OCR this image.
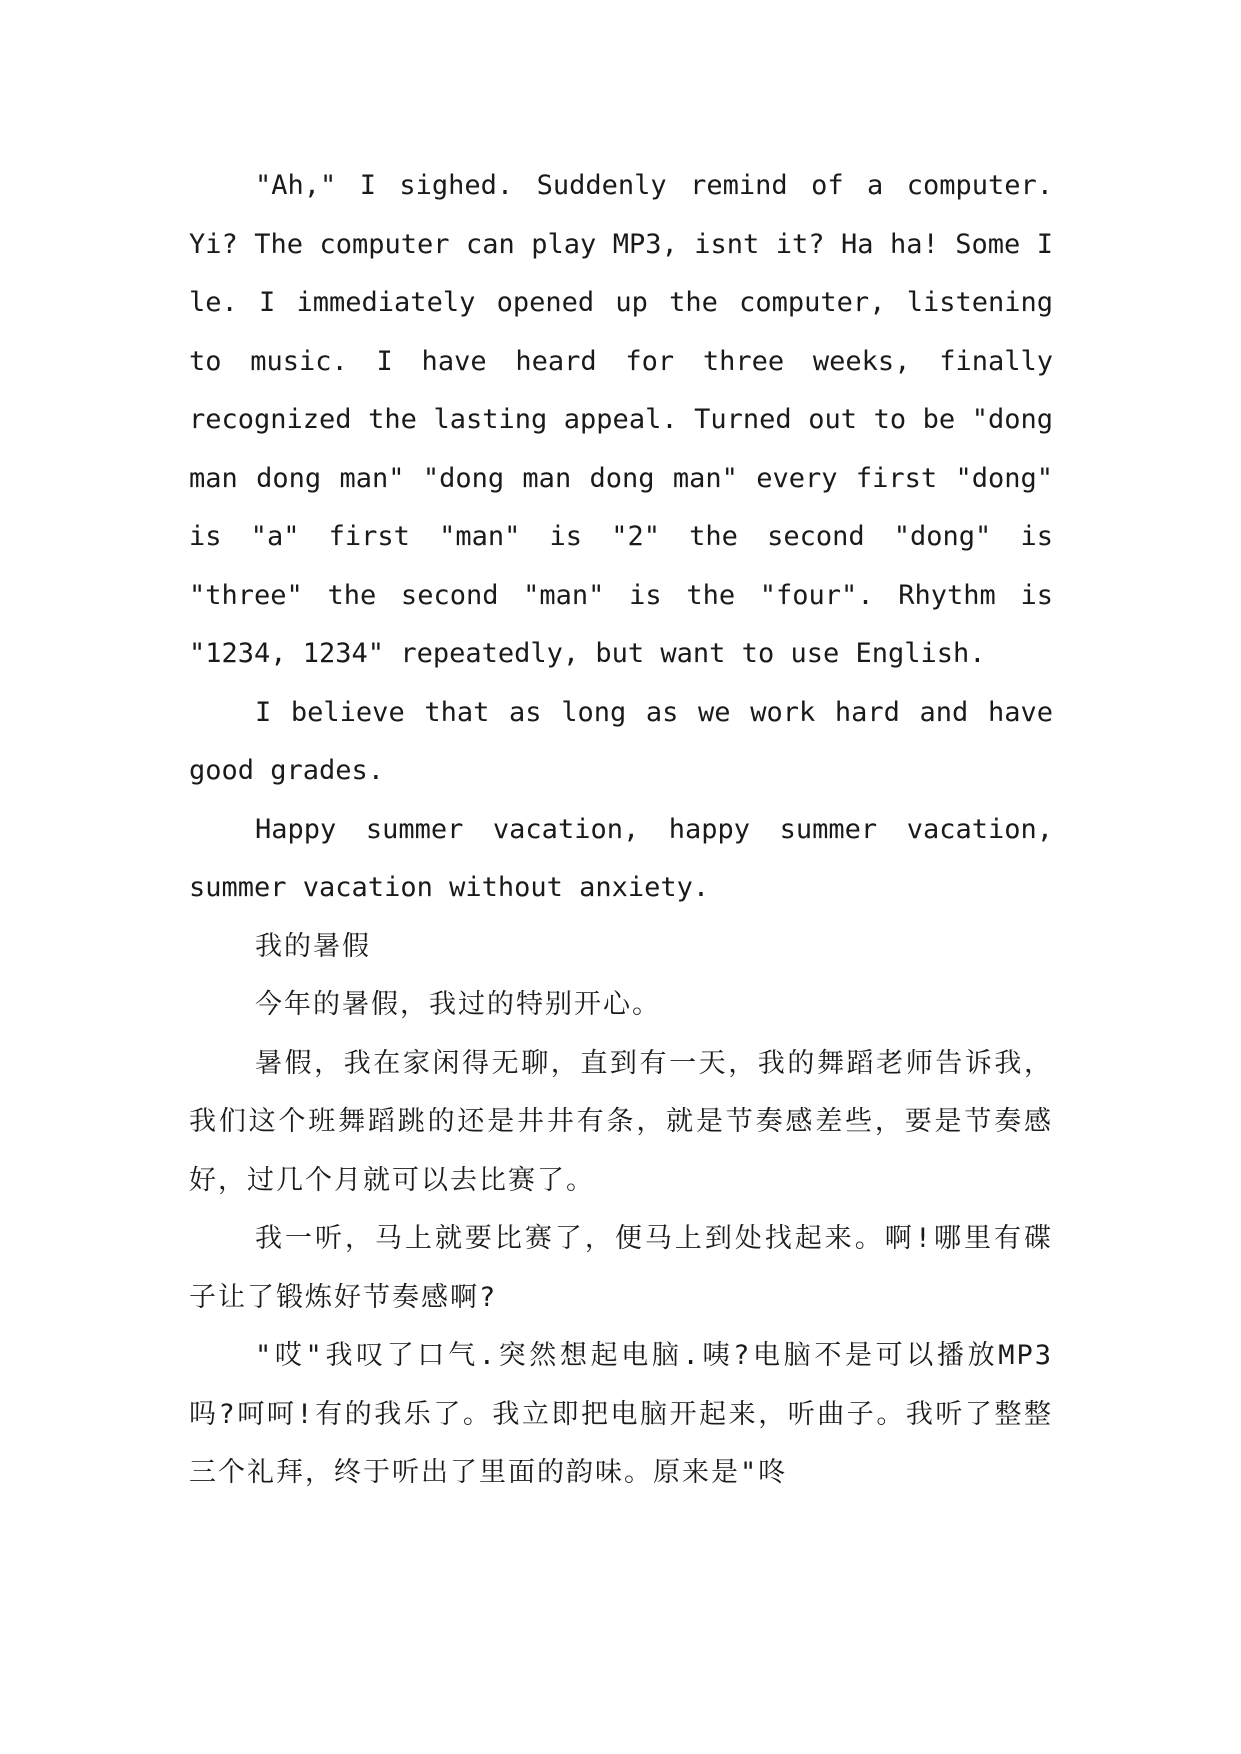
"Ah," I sighed. Suddenly remind of a computer. Yi? The computer can play MP3, isnt it? Ha ha! Some I le. I immediately opened up the computer, listening to music. I have heard for three weeks, finally recognized the lasting appeal. Turned out to be "dong man dong man" "dong man dong man" every first "dong" is "a" first "man" is "2" the second "dong" is "three" the second "man" is the "four". Rhythm is "1234, 1234" repeatedly, but want to use English.

I believe that as long as we work hard and have good grades.

Happy summer vacation, happy summer vacation, summer vacation without anxiety.

我的暑假

今年的暑假，我过的特别开心。

暑假，我在家闲得无聊，直到有一天，我的舞蹈老师告诉我，我们这个班舞蹈跳的还是井井有条，就是节奏感差些，要是节奏感好，过几个月就可以去比赛了。

我一听，马上就要比赛了，便马上到处找起来。啊!哪里有碟子让了锻炼好节奏感啊?

"哎"我叹了口气.突然想起电脑.咦?电脑不是可以播放MP3吗?呵呵!有的我乐了。我立即把电脑开起来，听曲子。我听了整整三个礼拜，终于听出了里面的韵味。原来是"咚
